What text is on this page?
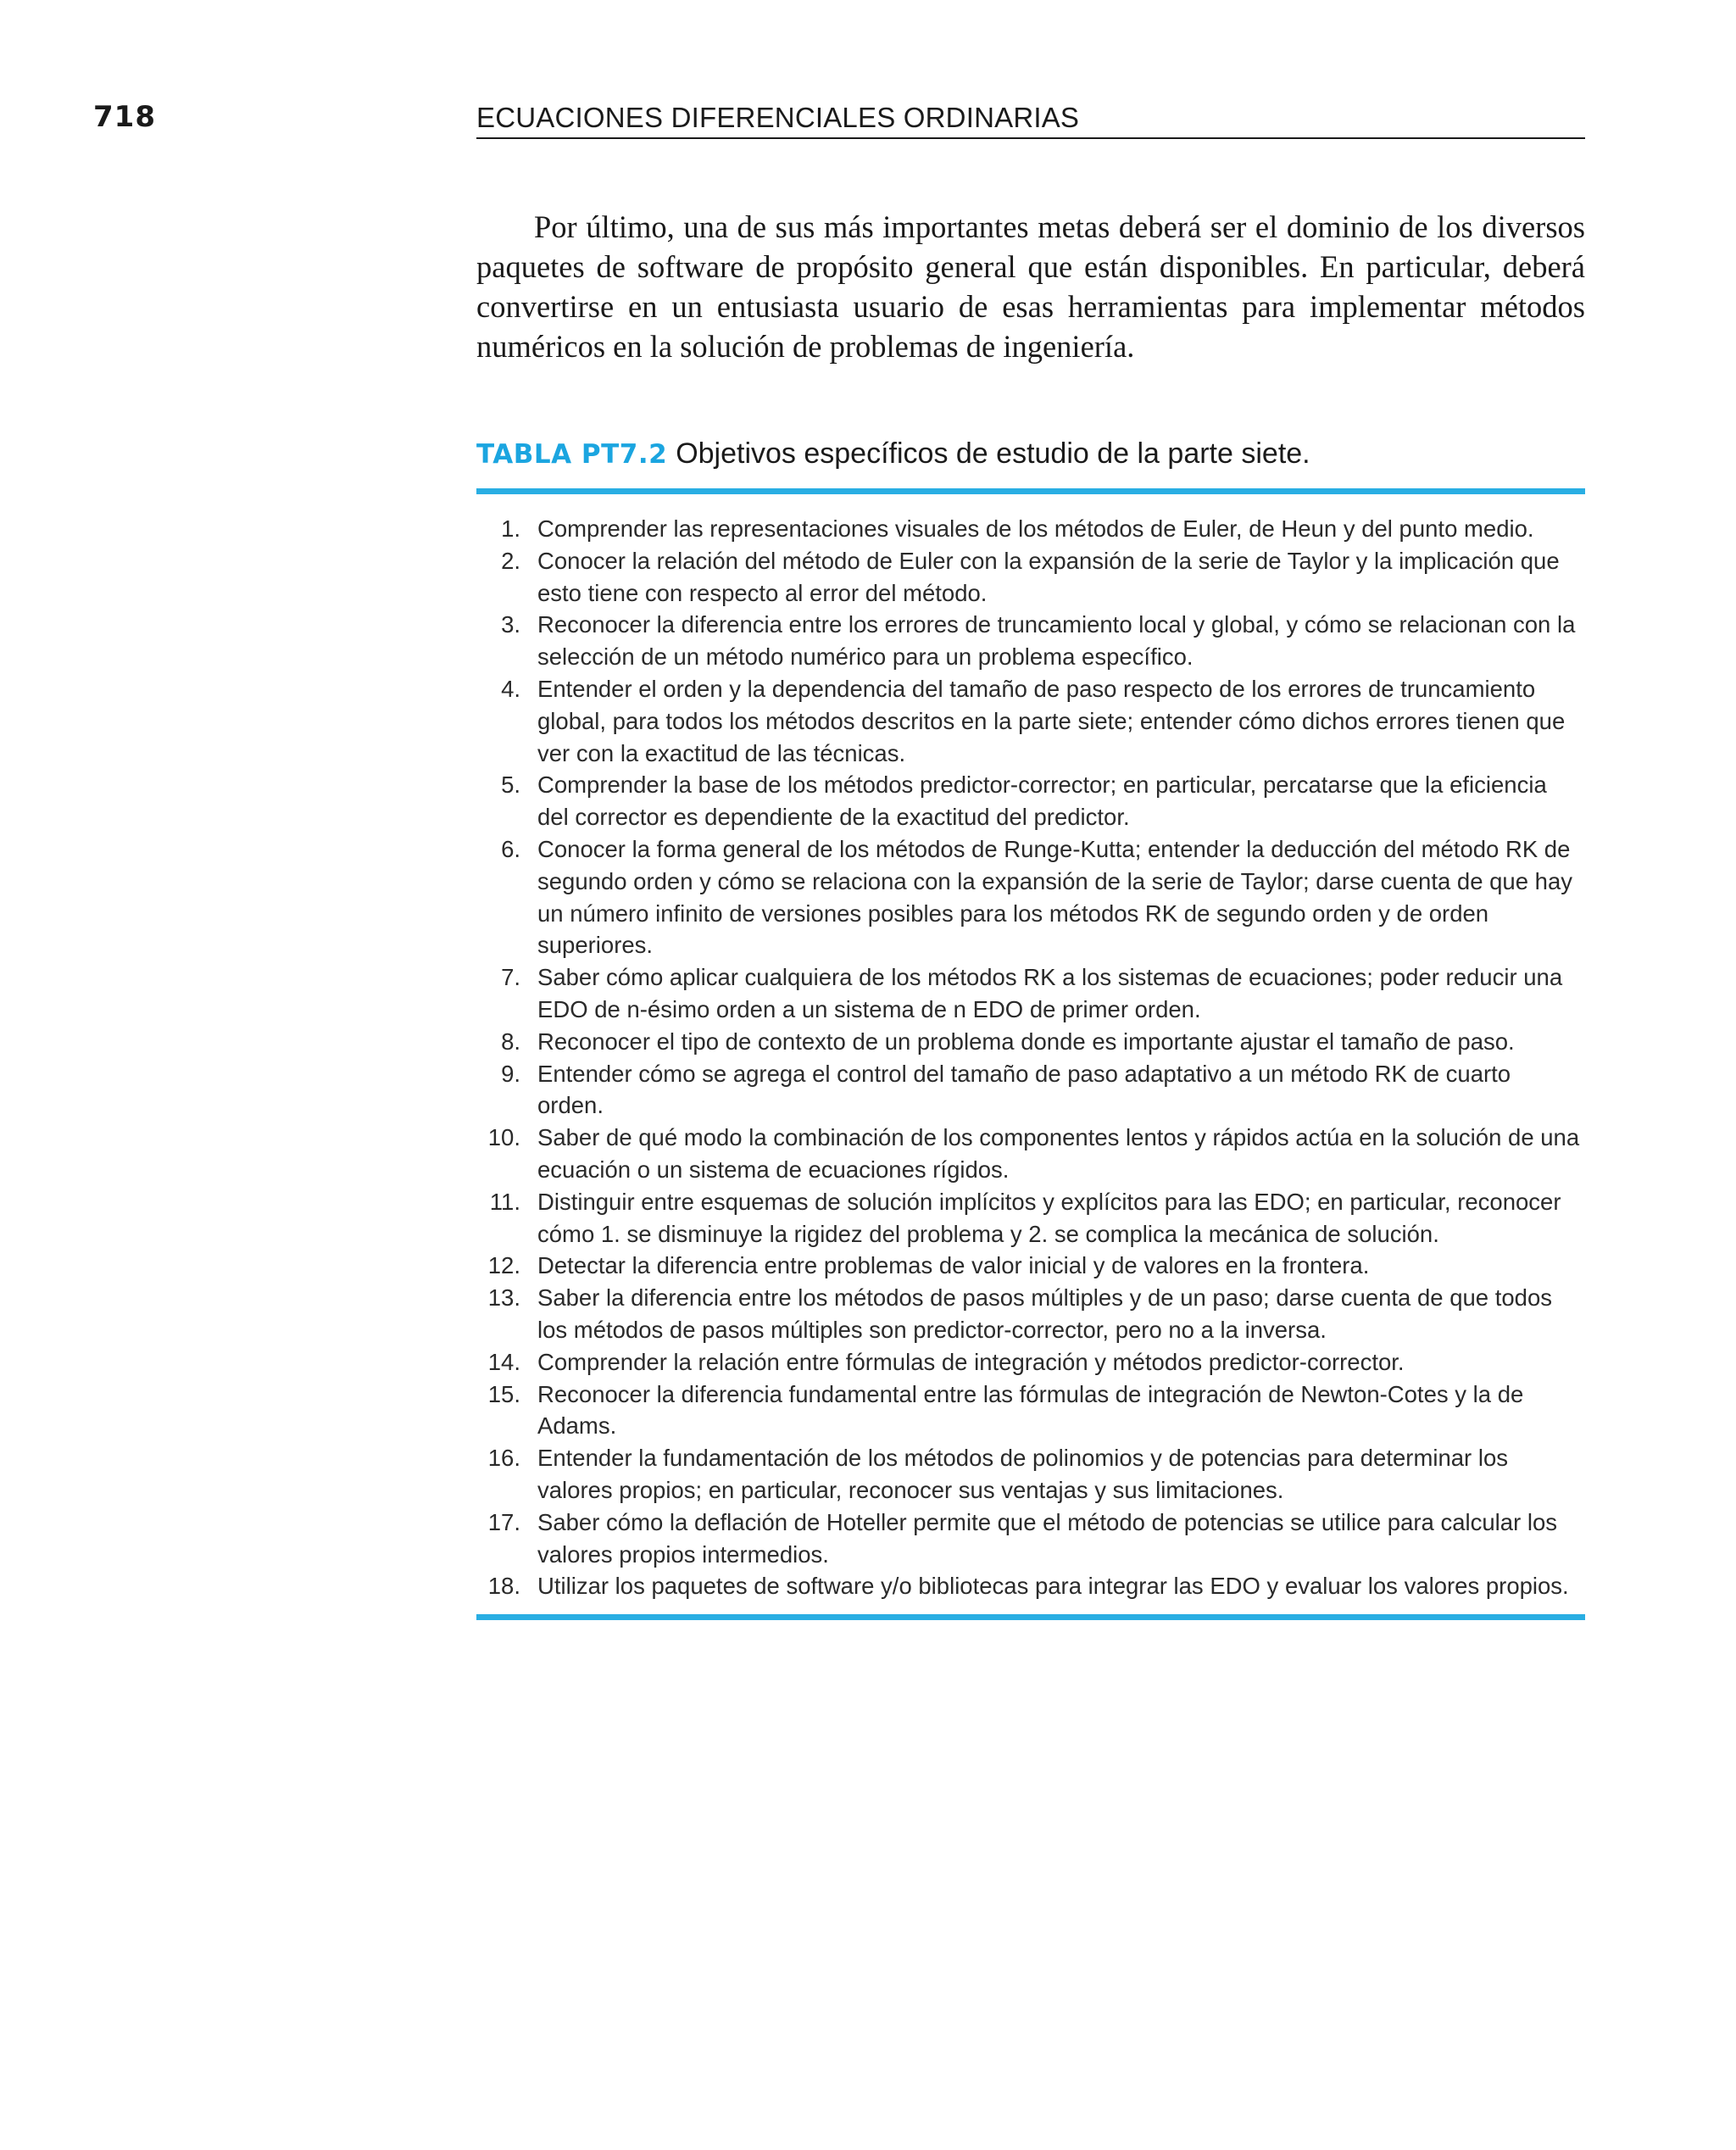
718	ECUACIONES DIFERENCIALES ORDINARIAS

Por último, una de sus más importantes metas deberá ser el dominio de los diversos paquetes de software de propósito general que están disponibles. En particular, deberá convertirse en un entusiasta usuario de esas herramientas para implementar métodos numéricos en la solución de problemas de ingeniería.

TABLA PT7.2 Objetivos específicos de estudio de la parte siete.
1. Comprender las representaciones visuales de los métodos de Euler, de Heun y del punto medio.
2. Conocer la relación del método de Euler con la expansión de la serie de Taylor y la implicación que esto tiene con respecto al error del método.
3. Reconocer la diferencia entre los errores de truncamiento local y global, y cómo se relacionan con la selección de un método numérico para un problema específico.
4. Entender el orden y la dependencia del tamaño de paso respecto de los errores de truncamiento global, para todos los métodos descritos en la parte siete; entender cómo dichos errores tienen que ver con la exactitud de las técnicas.
5. Comprender la base de los métodos predictor-corrector; en particular, percatarse que la eficiencia del corrector es dependiente de la exactitud del predictor.
6. Conocer la forma general de los métodos de Runge-Kutta; entender la deducción del método RK de segundo orden y cómo se relaciona con la expansión de la serie de Taylor; darse cuenta de que hay un número infinito de versiones posibles para los métodos RK de segundo orden y de orden superiores.
7. Saber cómo aplicar cualquiera de los métodos RK a los sistemas de ecuaciones; poder reducir una EDO de n-ésimo orden a un sistema de n EDO de primer orden.
8. Reconocer el tipo de contexto de un problema donde es importante ajustar el tamaño de paso.
9. Entender cómo se agrega el control del tamaño de paso adaptativo a un método RK de cuarto orden.
10. Saber de qué modo la combinación de los componentes lentos y rápidos actúa en la solución de una ecuación o un sistema de ecuaciones rígidos.
11. Distinguir entre esquemas de solución implícitos y explícitos para las EDO; en particular, reconocer cómo 1. se disminuye la rigidez del problema y 2. se complica la mecánica de solución.
12. Detectar la diferencia entre problemas de valor inicial y de valores en la frontera.
13. Saber la diferencia entre los métodos de pasos múltiples y de un paso; darse cuenta de que todos los métodos de pasos múltiples son predictor-corrector, pero no a la inversa.
14. Comprender la relación entre fórmulas de integración y métodos predictor-corrector.
15. Reconocer la diferencia fundamental entre las fórmulas de integración de Newton-Cotes y la de Adams.
16. Entender la fundamentación de los métodos de polinomios y de potencias para determinar los valores propios; en particular, reconocer sus ventajas y sus limitaciones.
17. Saber cómo la deflación de Hoteller permite que el método de potencias se utilice para calcular los valores propios intermedios.
18. Utilizar los paquetes de software y/o bibliotecas para integrar las EDO y evaluar los valores propios.
